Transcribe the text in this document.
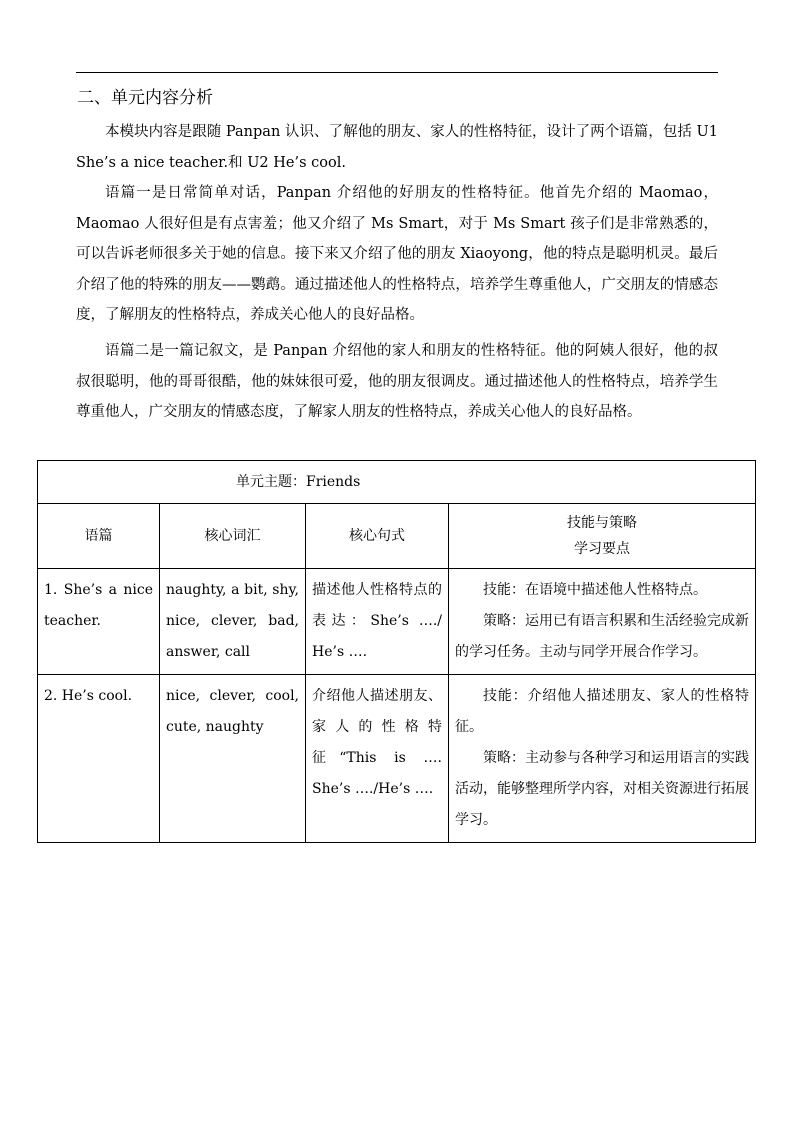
二、单元内容分析

本模块内容是跟随 Panpan 认识、了解他的朋友、家人的性格特征，设计了两个语篇，包括 U1 She’s a nice teacher.和 U2 He’s cool.

语篇一是日常简单对话，Panpan 介绍他的好朋友的性格特征。他首先介绍的 Maomao，Maomao 人很好但是有点害羞；他又介绍了 Ms Smart，对于 Ms Smart 孩子们是非常熟悉的，可以告诉老师很多关于她的信息。接下来又介绍了他的朋友 Xiaoyong，他的特点是聪明机灵。最后介绍了他的特殊的朋友——鹦鹉。通过描述他人的性格特点，培养学生尊重他人，广交朋友的情感态度，了解朋友的性格特点，养成关心他人的良好品格。

语篇二是一篇记叙文，是 Panpan 介绍他的家人和朋友的性格特征。他的阿姨人很好，他的叔叔很聪明，他的哥哥很酷，他的妹妹很可爱，他的朋友很调皮。通过描述他人的性格特点，培养学生尊重他人，广交朋友的情感态度，了解家人朋友的性格特点，养成关心他人的良好品格。

单元主题：Friends			
语篇	核心词汇	核心句式	技能与策略
学习要点

1. She’s a nice teacher.	naughty, a bit, shy, nice, clever, bad, answer, call	描述他人性格特点的表达：She’s …./ He’s ….	技能：在语境中描述他人性格特点。
策略：运用已有语言积累和生活经验完成新的学习任务。主动与同学开展合作学习。

2. He’s cool.	nice, clever, cool, cute, naughty	介绍他人描述朋友、家人的性格特征“This is …. She’s …./He’s ….	技能：介绍他人描述朋友、家人的性格特征。
策略：主动参与各种学习和运用语言的实践活动，能够整理所学内容，对相关资源进行拓展学习。
